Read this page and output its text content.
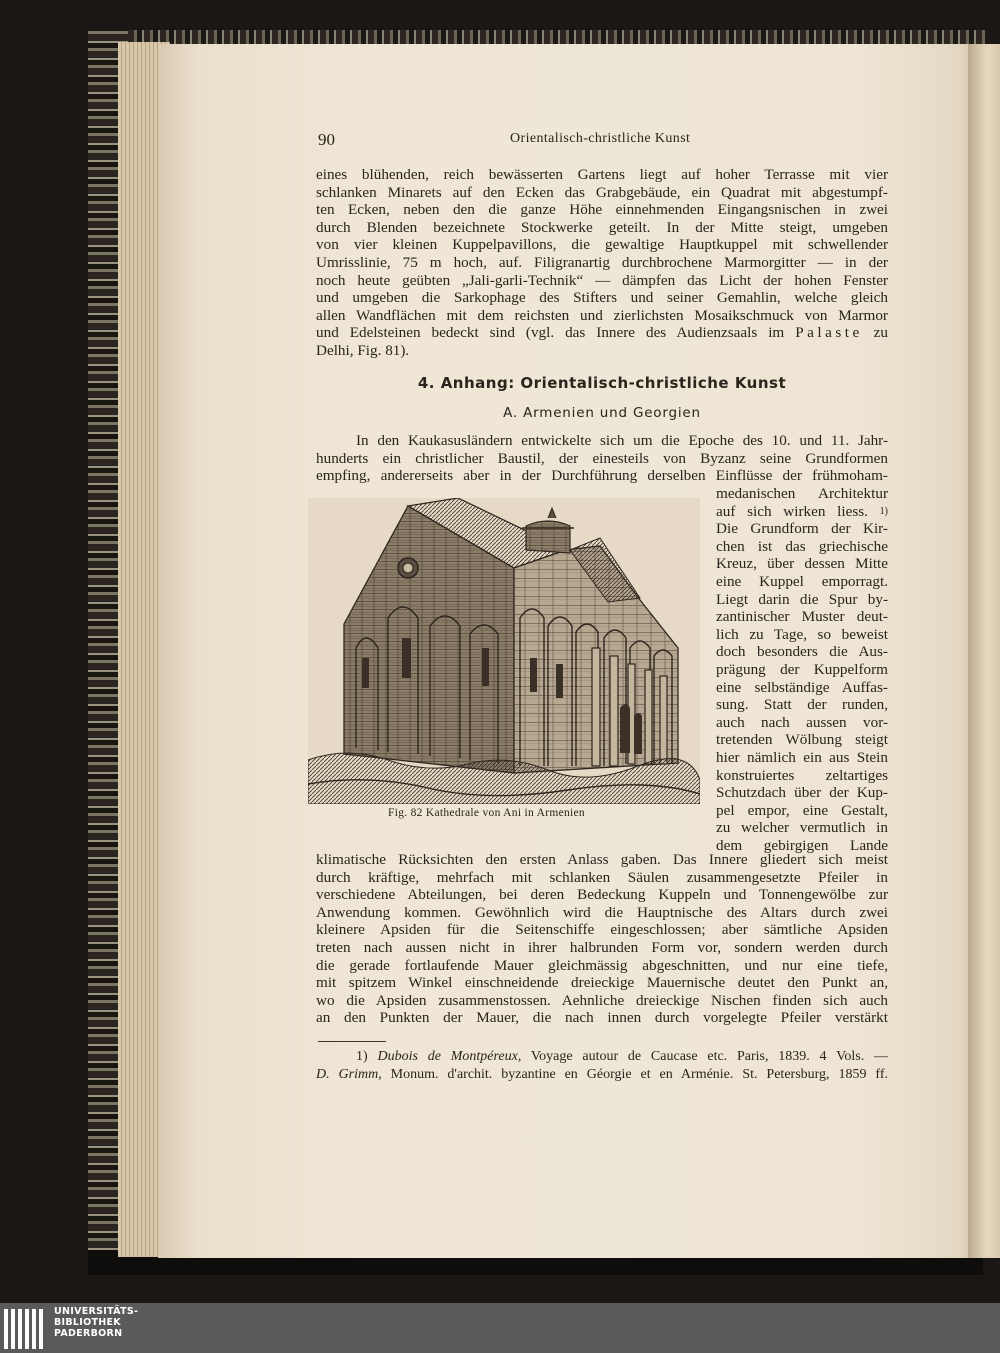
90	Orientalisch-christliche Kunst
eines blühenden, reich bewässerten Gartens liegt auf hoher Terrasse mit vier
schlanken Minarets auf den Ecken das Grabgebäude, ein Quadrat mit abgestumpf-
ten Ecken, neben den die ganze Höhe einnehmenden Eingangsnischen in zwei
durch Blenden bezeichnete Stockwerke geteilt. In der Mitte steigt, umgeben
von vier kleinen Kuppelpavillons, die gewaltige Hauptkuppel mit schwellender
Umrisslinie, 75 m hoch, auf. Filigranartig durchbrochene Marmorgitter — in der
noch heute geübten „Jali-garli-Technik“ — dämpfen das Licht der hohen Fenster
und umgeben die Sarkophage des Stifters und seiner Gemahlin, welche gleich
allen Wandflächen mit dem reichsten und zierlichsten Mosaikschmuck von Marmor
und Edelsteinen bedeckt sind (vgl. das Innere des Audienzsaals im Palaste zu
Delhi, Fig. 81).
4. Anhang: Orientalisch-christliche Kunst
A. Armenien und Georgien
In den Kaukasusländern entwickelte sich um die Epoche des 10. und 11. Jahr-
hunderts ein christlicher Baustil, der einesteils von Byzanz seine Grundformen
empfing, andererseits aber in der Durchführung derselben Einflüsse der frühmoham-
medanischen Architektur
auf sich wirken liess. $^{1)}$
Die Grundform der Kir-
chen ist das griechische
Kreuz, über dessen Mitte
eine Kuppel emporragt.
Liegt darin die Spur by-
zantinischer Muster deut-
lich zu Tage, so beweist
doch besonders die Aus-
prägung der Kuppelform
eine selbständige Auffas-
sung. Statt der runden,
auch nach aussen vor-
tretenden Wölbung steigt
hier nämlich ein aus Stein
konstruiertes zeltartiges
Schutzdach über der Kup-
pel empor, eine Gestalt,
zu welcher vermutlich in
dem gebirgigen Lande
Fig. 82 Kathedrale von Ani in Armenien
klimatische Rücksichten den ersten Anlass gaben. Das Innere gliedert sich meist
durch kräftige, mehrfach mit schlanken Säulen zusammengesetzte Pfeiler in
verschiedene Abteilungen, bei deren Bedeckung Kuppeln und Tonnengewölbe zur
Anwendung kommen. Gewöhnlich wird die Hauptnische des Altars durch zwei
kleinere Apsiden für die Seitenschiffe eingeschlossen; aber sämtliche Apsiden
treten nach aussen nicht in ihrer halbrunden Form vor, sondern werden durch
die gerade fortlaufende Mauer gleichmässig abgeschnitten, und nur eine tiefe,
mit spitzem Winkel einschneidende dreieckige Mauernische deutet den Punkt an,
wo die Apsiden zusammenstossen. Aehnliche dreieckige Nischen finden sich auch
an den Punkten der Mauer, die nach innen durch vorgelegte Pfeiler verstärkt
1) Dubois de Montpéreux, Voyage autour de Caucase etc. Paris, 1839. 4 Vols. —
D. Grimm, Monum. d'archit. byzantine en Géorgie et en Arménie. St. Petersburg, 1859 ff.
UNIVERSITÄTS-
BIBLIOTHEK
PADERBORN
